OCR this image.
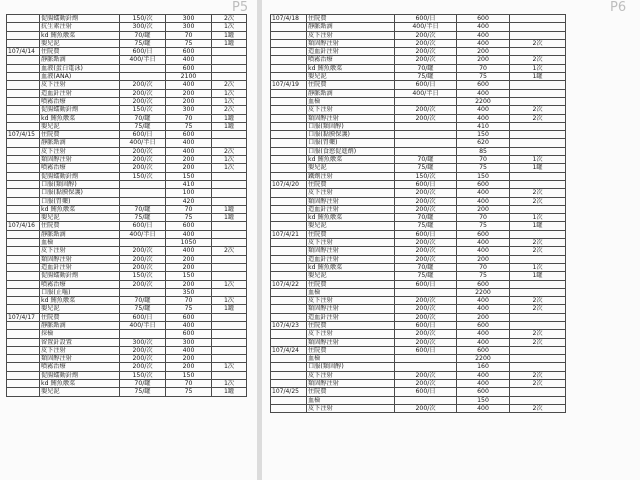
P5
	促腸蠕動針劑	150/次	300	2次
	抗生素注射	300/次	300	1次
	kd 鮪魚燉菜	70/罐	70	1罐
	嬰兒泥	75/罐	75	1罐
107/4/14	住院費	600/日	600	
	靜脈點滴	400/半日	400	
	血液(蛋白電泳)		600	
	血液(ANA)		2100	
	皮下注射	200/次	400	2次
	造血針注射	200/次	200	1次
	噴霧治療	200/次	200	1次
	促腸蠕動針劑	150/次	300	2次
	kd 鮪魚燉菜	70/罐	70	1罐
	嬰兒泥	75/罐	75	1罐
107/4/15	住院費	600/日	600	
	靜脈點滴	400/半日	400	
	皮下注射	200/次	400	2次
	類固醇注射	200/次	200	1次
	噴霧治療	200/次	200	1次
	促腸蠕動針劑	150/次	150	
	口服(類固醇)		410	
	口服(黏膜保護)		100	
	口服(胃藥)		420	
	kd 鮪魚燉菜	70/罐	70	1罐
	嬰兒泥	75/罐	75	1罐
107/4/16	住院費	600/日	600	
	靜脈點滴	400/半日	400	
	血檢		1050	
	皮下注射	200/次	400	2次
	類固醇注射	200/次	200	
	造血針注射	200/次	200	
	促腸蠕動針劑	150/次	150	
	噴霧治療	200/次	200	1次
	口服(止嘔)		350	
	kd 鮪魚燉菜	70/罐	70	1次
	嬰兒泥	75/罐	75	1罐
107/4/17	住院費	600/日	600	
	靜脈點滴	400/半日	400	
	採檢		600	
	留置針設置	300/次	300	
	皮下注射	200/次	400	
	類固醇注射	200/次	200	
	噴霧治療	200/次	200	1次
	促腸蠕動針劑	150/次	150	
	kd 鮪魚燉菜	70/罐	70	1次
	嬰兒泥	75/罐	75	1罐
P6
107/4/18	住院費	600/日	600	
	靜脈點滴	400/半日	400	
	皮下注射	200/次	400	
	類固醇注射	200/次	400	2次
	造血針注射	200/次	200	
	噴霧治療	200/次	200	2次
	kd 鮪魚燉菜	70/罐	70	1次
	嬰兒泥	75/罐	75	1罐
107/4/19	住院費	600/日	600	
	靜脈點滴	400/半日	400	
	血檢		2200	
	皮下注射	200/次	400	2次
	類固醇注射	200/次	400	2次
	口服(類固醇)		410	
	口服(黏膜保護)		150	
	口服(胃藥)		620	
	口服(食慾促進劑)		85	
	kd 鮪魚燉菜	70/罐	70	1次
	嬰兒泥	75/罐	75	1罐
	鐵劑注射	150/次	150	
107/4/20	住院費	600/日	600	
	皮下注射	200/次	400	2次
	類固醇注射	200/次	400	2次
	造血針注射	200/次	200	
	kd 鮪魚燉菜	70/罐	70	1次
	嬰兒泥	75/罐	75	1罐
107/4/21	住院費	600/日	600	
	皮下注射	200/次	400	2次
	類固醇注射	200/次	400	2次
	造血針注射	200/次	200	
	kd 鮪魚燉菜	70/罐	70	1次
	嬰兒泥	75/罐	75	1罐
107/4/22	住院費	600/日	600	
	血檢		2200	
	皮下注射	200/次	400	2次
	類固醇注射	200/次	400	2次
	造血針注射	200/次	200	
107/4/23	住院費	600/日	600	
	皮下注射	200/次	400	2次
	類固醇注射	200/次	400	2次
107/4/24	住院費	600/日	600	
	血檢		2200	
	口服(類固醇)		160	
	皮下注射	200/次	400	2次
	類固醇注射	200/次	400	2次
107/4/25	住院費	600/日	600	
	血檢		150	
	皮下注射	200/次	400	2次
